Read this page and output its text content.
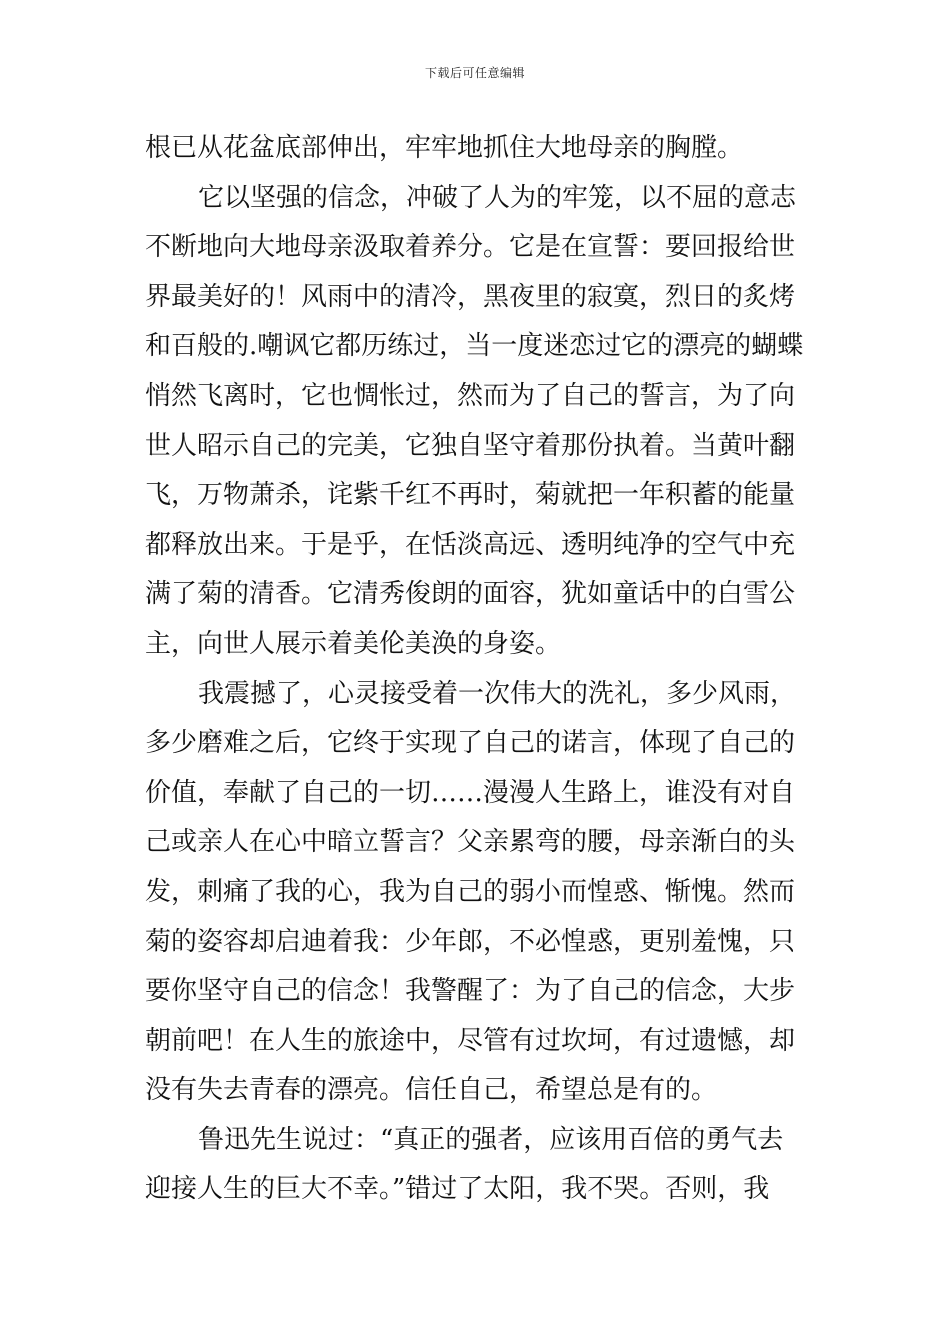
下载后可任意编辑
根已从花盆底部伸出，牢牢地抓住大地母亲的胸膛。
它以坚强的信念，冲破了人为的牢笼，以不屈的意志
不断地向大地母亲汲取着养分。它是在宣誓：要回报给世
界最美好的！风雨中的清冷，黑夜里的寂寞，烈日的炙烤
和百般的.嘲讽它都历练过，当一度迷恋过它的漂亮的蝴蝶
悄然飞离时，它也惆怅过，然而为了自己的誓言，为了向
世人昭示自己的完美，它独自坚守着那份执着。当黄叶翻
飞，万物萧杀，诧紫千红不再时，菊就把一年积蓄的能量
都释放出来。于是乎，在恬淡高远、透明纯净的空气中充
满了菊的清香。它清秀俊朗的面容，犹如童话中的白雪公
主，向世人展示着美伦美涣的身姿。
我震撼了，心灵接受着一次伟大的洗礼，多少风雨，
多少磨难之后，它终于实现了自己的诺言，体现了自己的
价值，奉献了自己的一切……漫漫人生路上，谁没有对自
己或亲人在心中暗立誓言？父亲累弯的腰，母亲渐白的头
发，刺痛了我的心，我为自己的弱小而惶惑、惭愧。然而
菊的姿容却启迪着我：少年郎，不必惶惑，更别羞愧，只
要你坚守自己的信念！我警醒了：为了自己的信念，大步
朝前吧！在人生的旅途中，尽管有过坎坷，有过遗憾，却
没有失去青春的漂亮。信任自己，希望总是有的。
鲁迅先生说过：“真正的强者，应该用百倍的勇气去
迎接人生的巨大不幸。”错过了太阳，我不哭。否则，我
